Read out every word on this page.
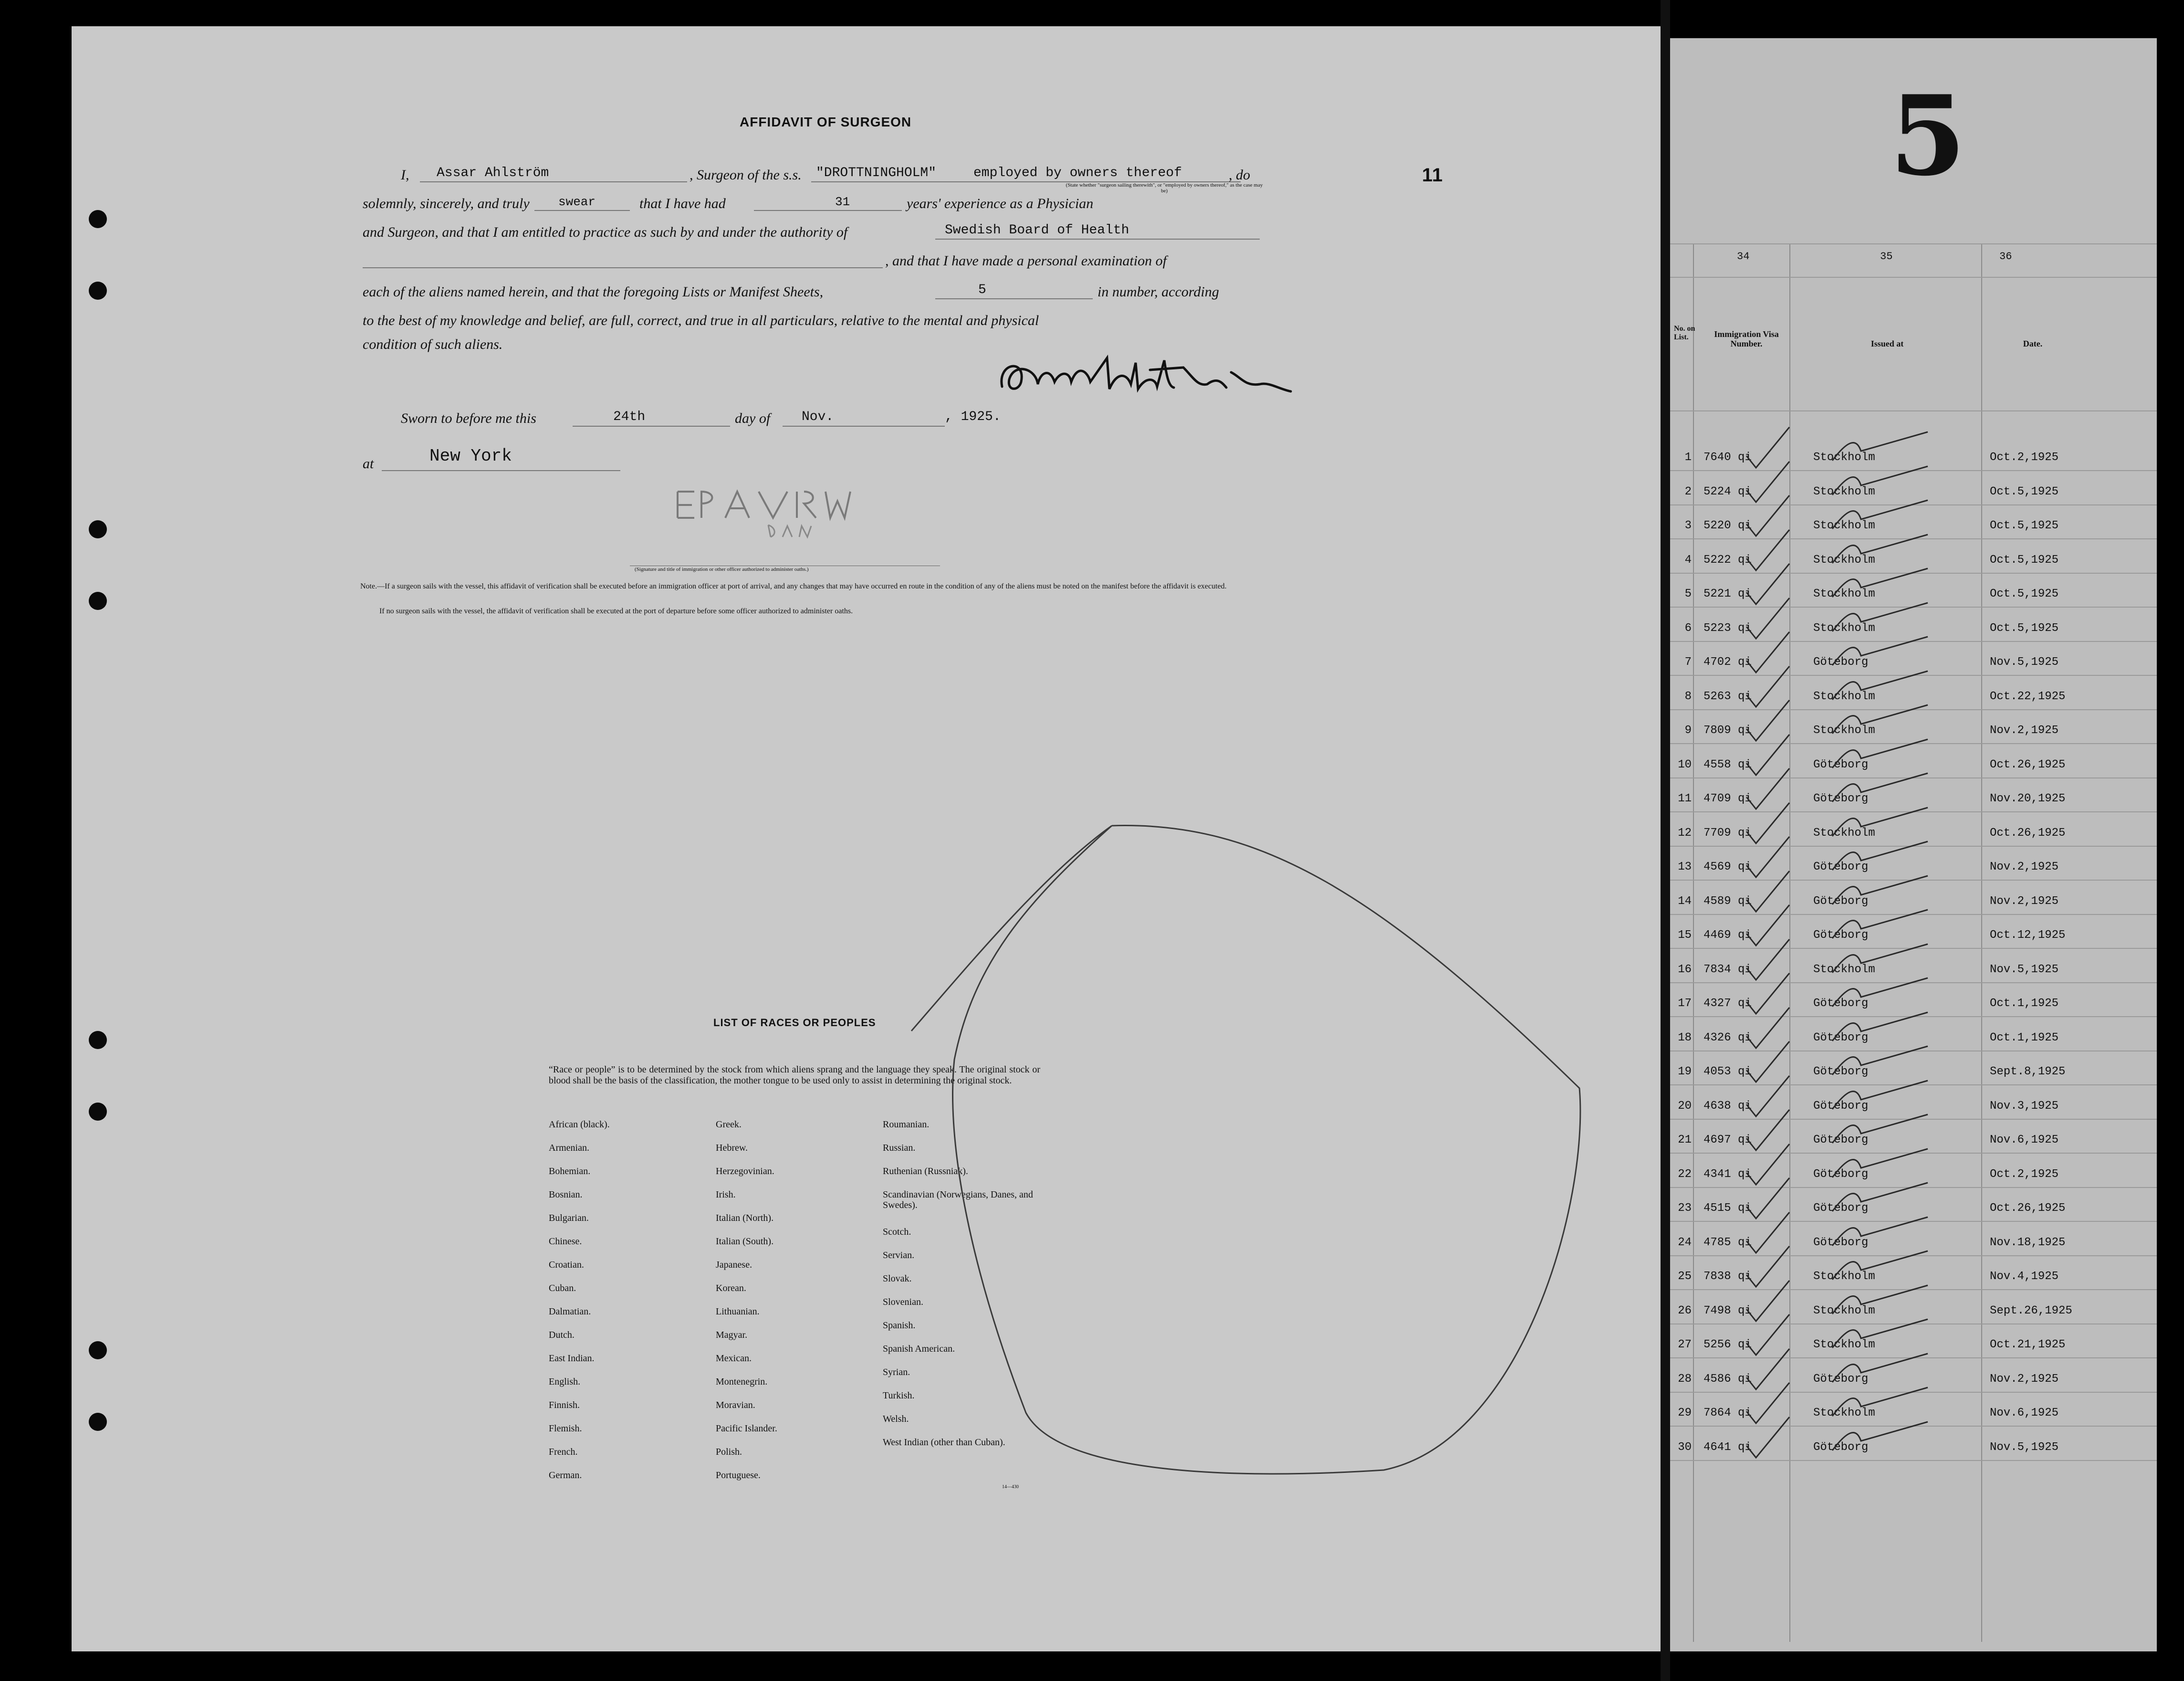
AFFIDAVIT OF SURGEON
11
I, Assar Ahlström	, Surgeon of the s.s. "DROTTNINGHOLM"	employed by owners thereof
(State whether "surgeon sailing therewith", or "employed by owners thereof," as the case may be)
, do
solemnly, sincerely, and truly swear	that I have had	31	years' experience as a Physician
and Surgeon, and that I am entitled to practice as such by and under the authority of	Swedish Board of Health
, and that I have made a personal examination of
each of the aliens named herein, and that the foregoing Lists or Manifest Sheets,	5	in number, according
to the best of my knowledge and belief, are full, correct, and true in all particulars, relative to the mental and physical
condition of such aliens.
Sworn to before me this	24th	day of Nov.	, 1925.
at	New York
(Signature and title of immigration or other officer authorized to administer oaths.)
Note.—If a surgeon sails with the vessel, this affidavit of verification shall be executed before an immigration officer at port of arrival, and any changes that may have occurred en route in the condition of any of the aliens must be noted on the manifest before the affidavit is executed.
If no surgeon sails with the vessel, the affidavit of verification shall be executed at the port of departure before some officer authorized to administer oaths.
LIST OF RACES OR PEOPLES
“Race or people” is to be determined by the stock from which aliens sprang and the language they speak. The original stock or blood shall be the basis of the classification, the mother tongue to be used only to assist in determining the original stock.
African (black).
Armenian.
Bohemian.
Bosnian.
Bulgarian.
Chinese.
Croatian.
Cuban.
Dalmatian.
Dutch.
East Indian.
English.
Finnish.
Flemish.
French.
German.
Greek.
Hebrew.
Herzegovinian.
Irish.
Italian (North).
Italian (South).
Japanese.
Korean.
Lithuanian.
Magyar.
Mexican.
Montenegrin.
Moravian.
Pacific Islander.
Polish.
Portuguese.
Roumanian.
Russian.
Ruthenian (Russniak).
Scandinavian (Norwegians, Danes, and Swedes).
Scotch.
Servian.
Slovak.
Slovenian.
Spanish.
Spanish American.
Syrian.
Turkish.
Welsh.
West Indian (other than Cuban).
14—430
5
34	35	36
No. on List.	Immigration Visa Number.	Issued at	Date.
1 7640 qi	Stockholm	Oct.2,1925
2 5224 qi	Stockholm	Oct.5,1925
3 5220 qi	Stockholm	Oct.5,1925
4 5222 qi	Stockholm	Oct.5,1925
5 5221 qi	Stockholm	Oct.5,1925
6 5223 qi	Stockholm	Oct.5,1925
7 4702 qi	Göteborg	Nov.5,1925
8 5263 qi	Stockholm	Oct.22,1925
9 7809 qi	Stockholm	Nov.2,1925
10 4558 qi	Göteborg	Oct.26,1925
11 4709 qi	Göteborg	Nov.20,1925
12 7709 qi	Stockholm	Oct.26,1925
13 4569 qi	Göteborg	Nov.2,1925
14 4589 qi	Göteborg	Nov.2,1925
15 4469 qi	Göteborg	Oct.12,1925
16 7834 qi	Stockholm	Nov.5,1925
17 4327 qi	Göteborg	Oct.1,1925
18 4326 qi	Göteborg	Oct.1,1925
19 4053 qi	Göteborg	Sept.8,1925
20 4638 qi	Göteborg	Nov.3,1925
21 4697 qi	Göteborg	Nov.6,1925
22 4341 qi	Göteborg	Oct.2,1925
23 4515 qi	Göteborg	Oct.26,1925
24 4785 qi	Göteborg	Nov.18,1925
25 7838 qi	Stockholm	Nov.4,1925
26 7498 qi	Stockholm	Sept.26,1925
27 5256 qi	Stockholm	Oct.21,1925
28 4586 qi	Göteborg	Nov.2,1925
29 7864 qi	Stockholm	Nov.6,1925
30 4641 qi	Göteborg	Nov.5,1925
